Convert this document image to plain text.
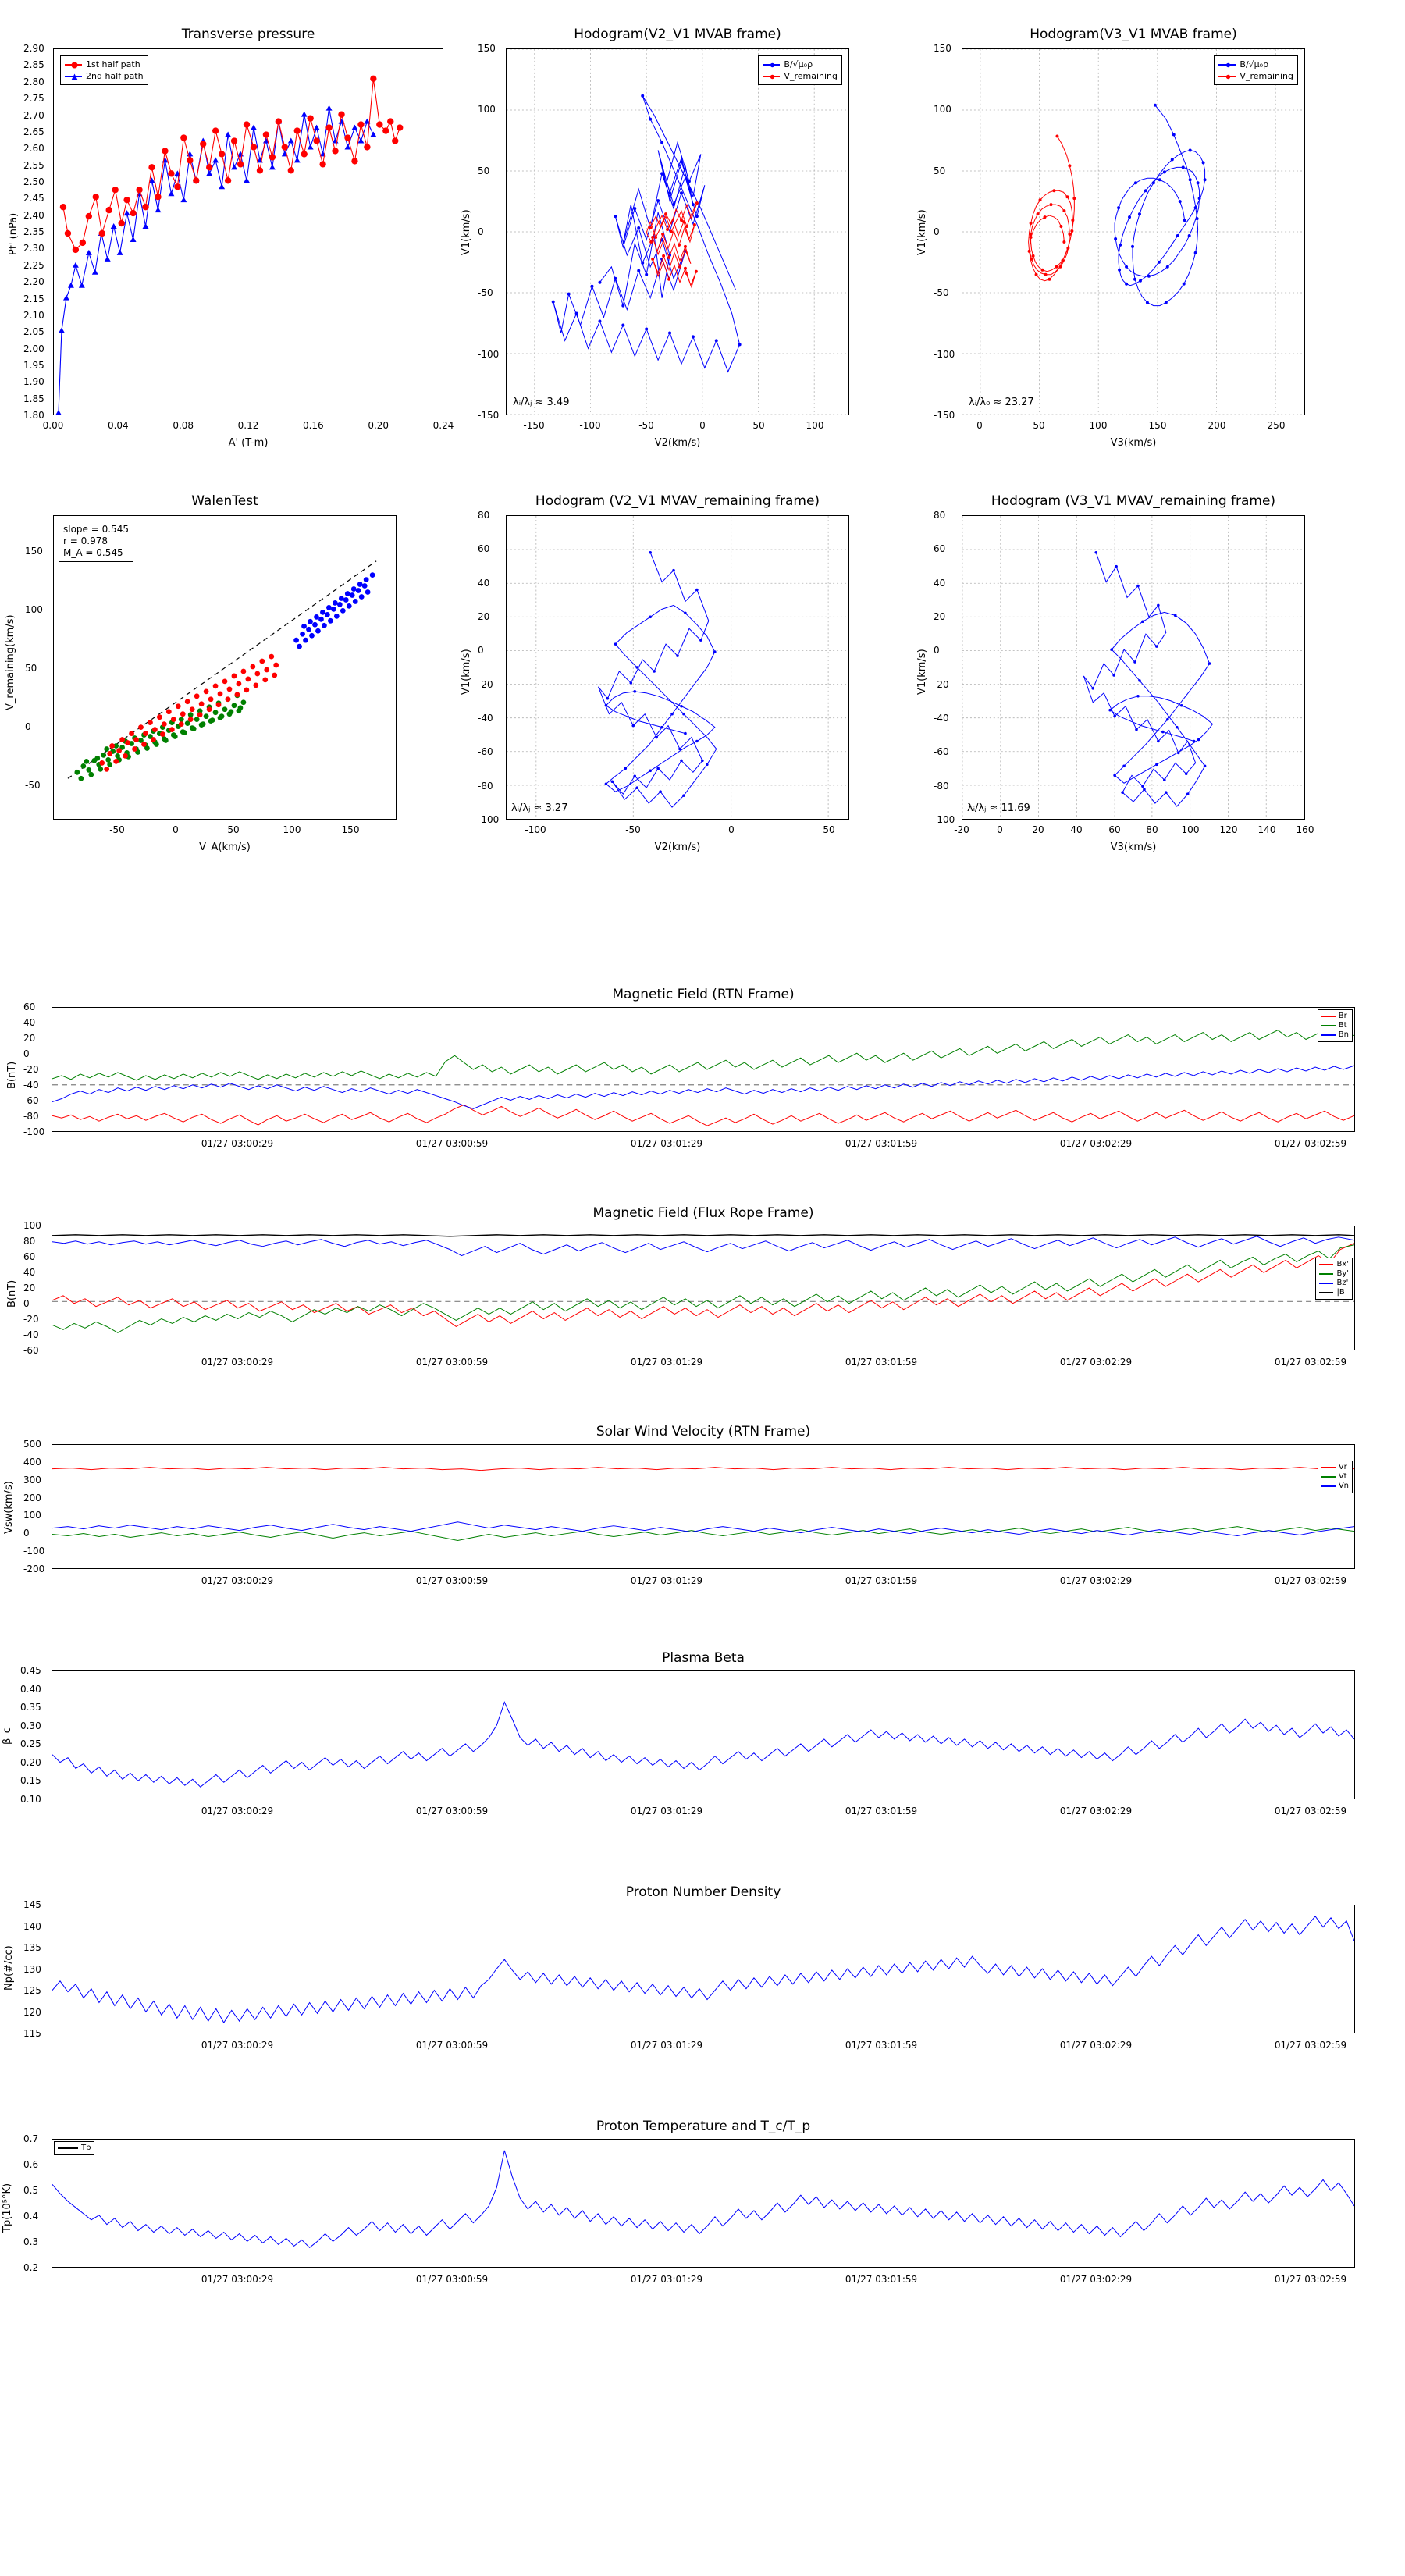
Transverse pressure
1st half path
2nd half path
2.90
2.85
2.80
2.75
2.70
2.65
2.60
2.55
2.50
2.45
2.40
2.35
2.30
2.25
2.20
2.15
2.10
2.05
2.00
1.95
1.90
1.85
1.80
0.00	0.04	0.08	0.12	0.16	0.20	0.24
A' (T-m)
Pt' (nPa)
Hodogram(V2_V1 MVAB frame)
B/√μ₀ρ
V_remaining
λᵢ/λⱼ ≈ 3.49
150
100
50
0
-50
-100
-150
-150	-100	-50	0	50	100
V2(km/s)
V1(km/s)
Hodogram(V3_V1 MVAB frame)
B/√μ₀ρ
V_remaining
λᵢ/λ₀ ≈ 23.27
150
100
50
0
-50
-100
-150
0	50	100	150	200	250
V3(km/s)
V1(km/s)
WalenTest
slope = 0.545
r = 0.978
M_A = 0.545
150
100
50
0
-50
-50	0	50	100	150
V_A(km/s)
V_remaining(km/s)
Hodogram (V2_V1 MVAV_remaining frame)
λᵢ/λⱼ ≈ 3.27
80
60
40
20
0
-20
-40
-60
-80
-100
-100	-50	0	50
V2(km/s)
V1(km/s)
Hodogram (V3_V1 MVAV_remaining frame)
λᵢ/λⱼ ≈ 11.69
80
60
40
20
0
-20
-40
-60
-80
-100
-20	0	20	40	60	80 100 120 140 160
V3(km/s)
V1(km/s)
Magnetic Field (RTN Frame)
Br
Bt
Bn
60
40
20
0
-20
-40
-60
-80
-100
01/27 03:00:29	01/27 03:00:59	01/27 03:01:29	01/27 03:01:59	01/27 03:02:29	01/27 03:02:59
B(nT)
Magnetic Field (Flux Rope Frame)
Bx'
By'
Bz'
|B|
100
80
60
40
20
0
-20
-40
-60
01/27 03:00:29	01/27 03:00:59	01/27 03:01:29	01/27 03:01:59	01/27 03:02:29	01/27 03:02:59
B(nT)
Solar Wind Velocity (RTN Frame)
Vr
Vt
Vn
500
400
300
200
100
0
-100
-200
01/27 03:00:29	01/27 03:00:59	01/27 03:01:29	01/27 03:01:59	01/27 03:02:29	01/27 03:02:59
Vsw(km/s)
Plasma Beta
0.45
0.40
0.35
0.30
0.25
0.20
0.15
0.10
01/27 03:00:29	01/27 03:00:59	01/27 03:01:29	01/27 03:01:59	01/27 03:02:29	01/27 03:02:59
β_c
Proton Number Density
145
140
135
130
125
120
115
01/27 03:00:29	01/27 03:00:59	01/27 03:01:29	01/27 03:01:59	01/27 03:02:29	01/27 03:02:59
Np(#/cc)
Proton Temperature and T_c/T_p
Tp
0.7
0.6
0.5
0.4
0.3
0.2
01/27 03:00:29	01/27 03:00:59	01/27 03:01:29	01/27 03:01:59	01/27 03:02:29	01/27 03:02:59
Tp(10⁵°K)
